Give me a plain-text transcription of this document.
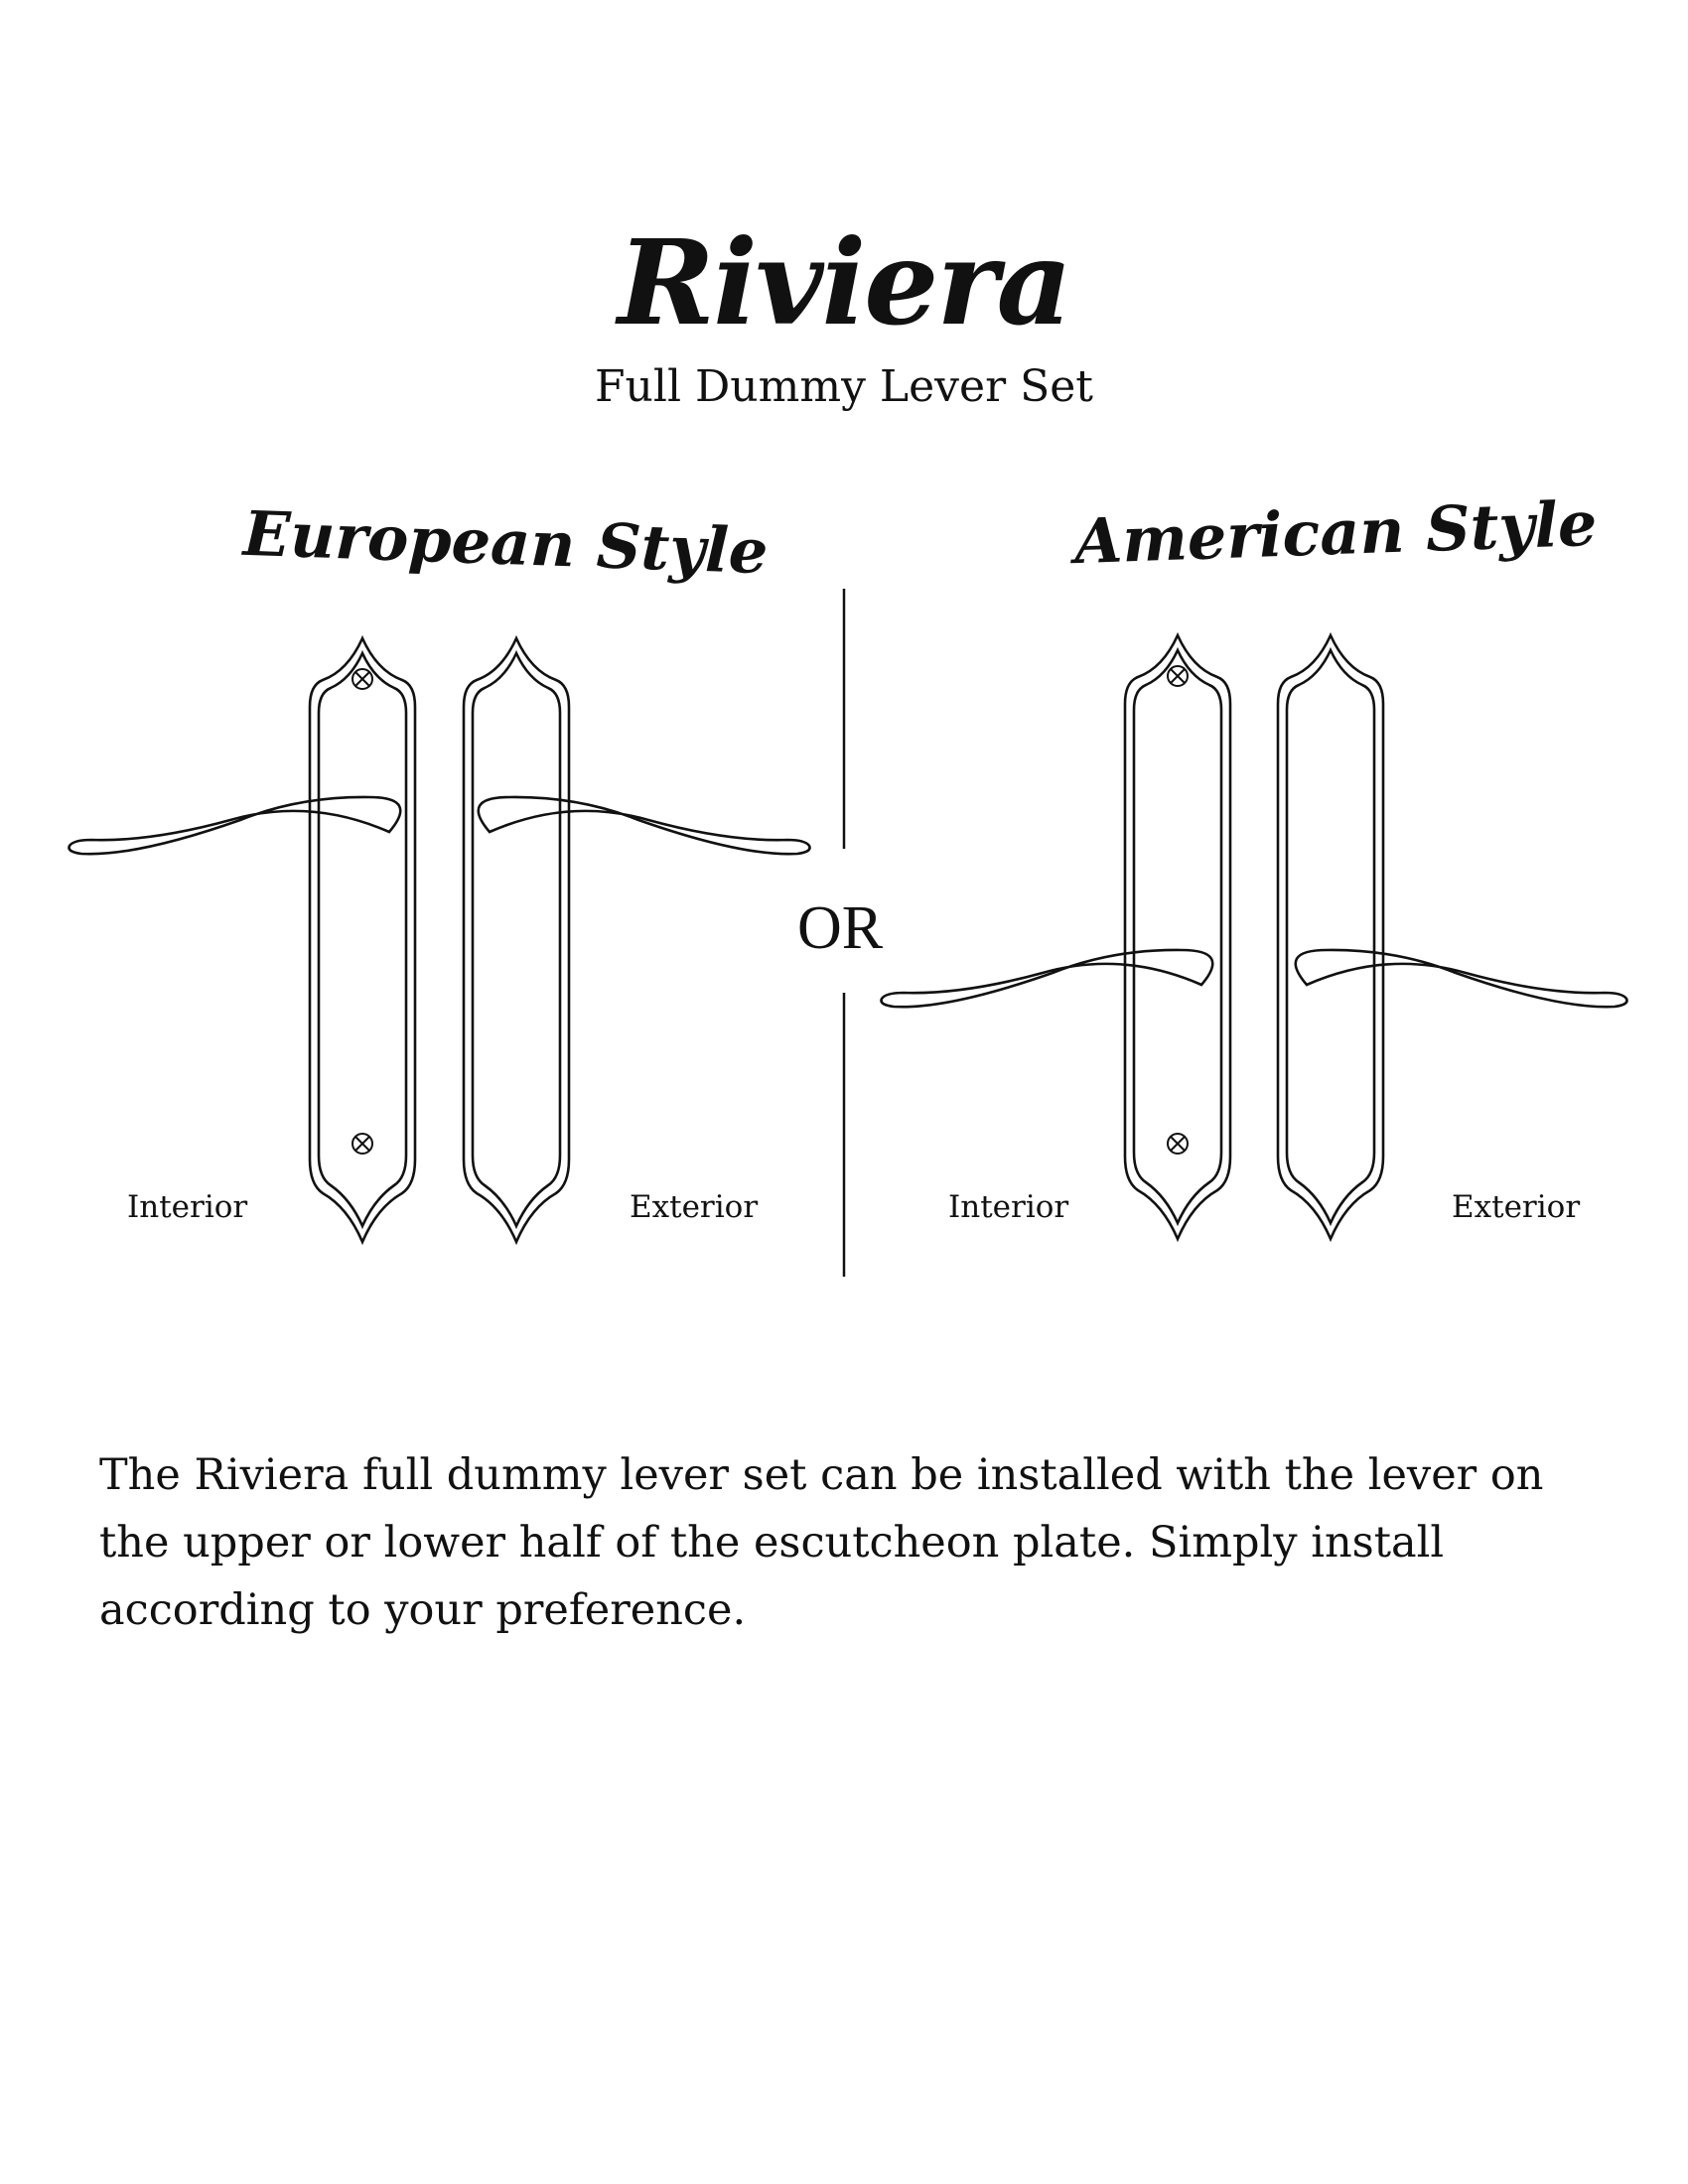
Riviera
Full Dummy Lever Set
European Style	American Style
OR
Interior	Exterior	Interior	Exterior
The Riviera full dummy lever set can be installed with the lever on the upper or lower half of the escutcheon plate. Simply install according to your preference.
